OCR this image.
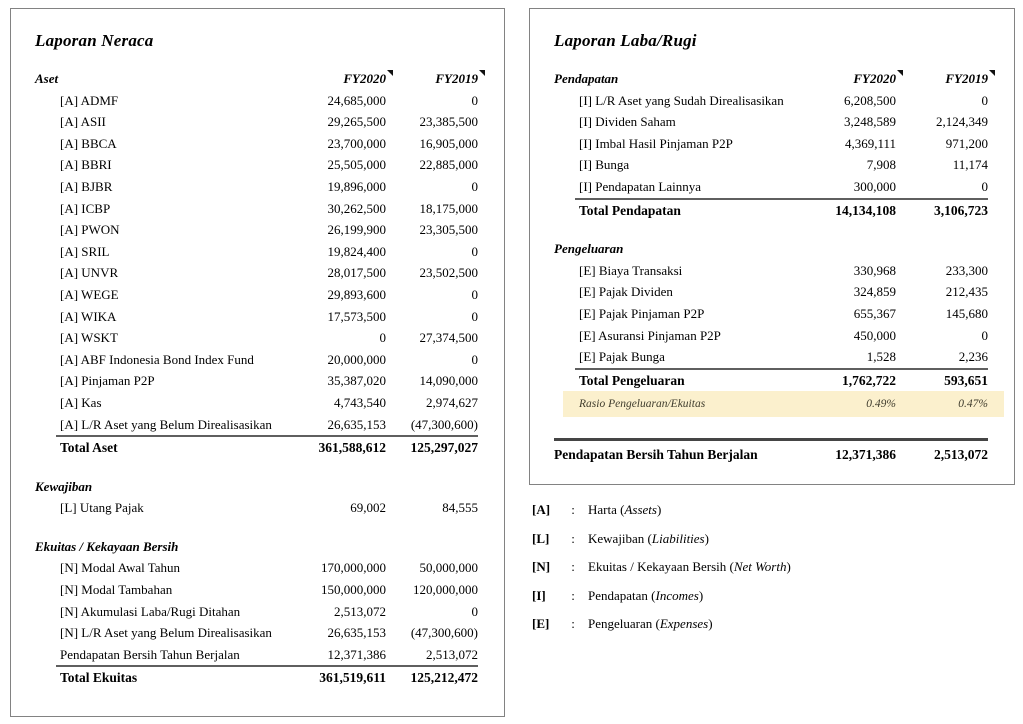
Laporan Neraca
Aset	FY2020	FY2019
[A] ADMF	24,685,000	0
[A] ASII	29,265,500	23,385,500
[A] BBCA	23,700,000	16,905,000
[A] BBRI	25,505,000	22,885,000
[A] BJBR	19,896,000	0
[A] ICBP	30,262,500	18,175,000
[A] PWON	26,199,900	23,305,500
[A] SRIL	19,824,400	0
[A] UNVR	28,017,500	23,502,500
[A] WEGE	29,893,600	0
[A] WIKA	17,573,500	0
[A] WSKT	0	27,374,500
[A] ABF Indonesia Bond Index Fund	20,000,000	0
[A] Pinjaman P2P	35,387,020	14,090,000
[A] Kas	4,743,540	2,974,627
[A] L/R Aset yang Belum Direalisasikan	26,635,153	(47,300,600)
Total Aset	361,588,612	125,297,027
Kewajiban
[L] Utang Pajak	69,002	84,555
Ekuitas / Kekayaan Bersih
[N] Modal Awal Tahun	170,000,000	50,000,000
[N] Modal Tambahan	150,000,000	120,000,000
[N] Akumulasi Laba/Rugi Ditahan	2,513,072	0
[N] L/R Aset yang Belum Direalisasikan	26,635,153	(47,300,600)
Pendapatan Bersih Tahun Berjalan	12,371,386	2,513,072
Total Ekuitas	361,519,611	125,212,472
Laporan Laba/Rugi
Pendapatan	FY2020	FY2019
[I] L/R Aset yang Sudah Direalisasikan	6,208,500	0
[I] Dividen Saham	3,248,589	2,124,349
[I] Imbal Hasil Pinjaman P2P	4,369,111	971,200
[I] Bunga	7,908	11,174
[I] Pendapatan Lainnya	300,000	0
Total Pendapatan	14,134,108	3,106,723
Pengeluaran
[E] Biaya Transaksi	330,968	233,300
[E] Pajak Dividen	324,859	212,435
[E] Pajak Pinjaman P2P	655,367	145,680
[E] Asuransi Pinjaman P2P	450,000	0
[E] Pajak Bunga	1,528	2,236
Total Pengeluaran	1,762,722	593,651
Rasio Pengeluaran/Ekuitas	0.49%	0.47%
Pendapatan Bersih Tahun Berjalan	12,371,386	2,513,072
[A]	:	Harta (Assets)
[L]	:	Kewajiban (Liabilities)
[N]	:	Ekuitas / Kekayaan Bersih (Net Worth)
[I]	:	Pendapatan (Incomes)
[E]	:	Pengeluaran (Expenses)
